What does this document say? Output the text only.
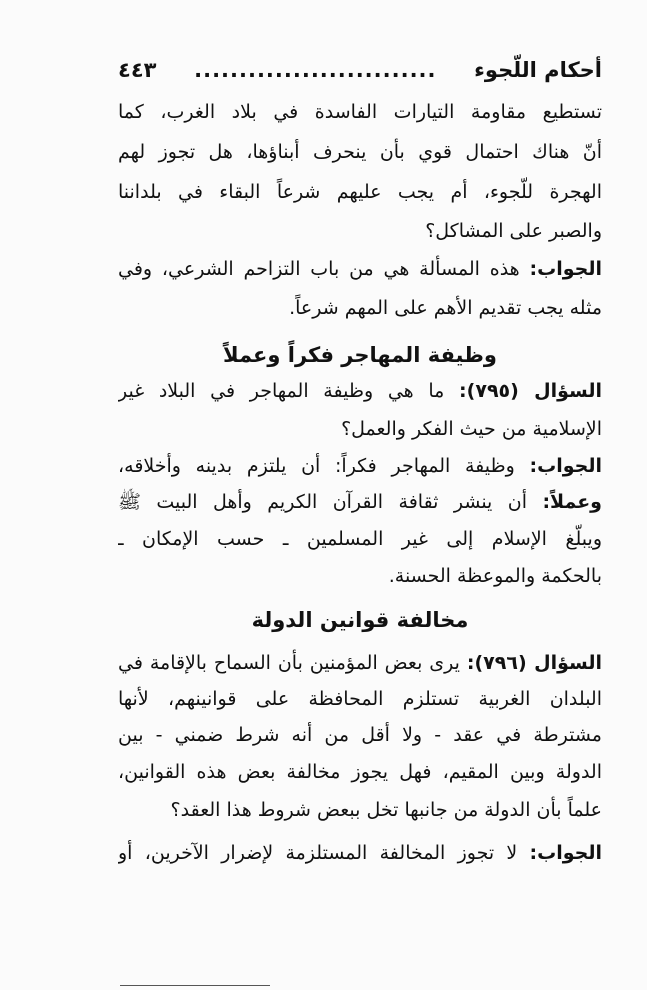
أحكام اللّجوء
...........................
٤٤٣
تستطيع مقاومة التيارات الفاسدة في بلاد الغرب، كما
أنّ هناك احتمال قوي بأن ينحرف أبناؤها، هل تجوز لهم
الهجرة للّجوء، أم يجب عليهم شرعاً البقاء في بلداننا
والصبر على المشاكل؟
الجواب: هذه المسألة هي من باب التزاحم الشرعي، وفي
مثله يجب تقديم الأهم على المهم شرعاً.
وظيفة المهاجر فكراً وعملاً
السؤال (٧٩٥): ما هي وظيفة المهاجر في البلاد غير
الإسلامية من حيث الفكر والعمل؟
الجواب: وظيفة المهاجر فكراً: أن يلتزم بدينه وأخلاقه،
وعملاً: أن ينشر ثقافة القرآن الكريم وأهل البيت ﷺ
ويبلّغ الإسلام إلى غير المسلمين ـ حسب الإمكان ـ
بالحكمة والموعظة الحسنة.
مخالفة قوانين الدولة
السؤال (٧٩٦): يرى بعض المؤمنين بأن السماح بالإقامة في
البلدان الغربية تستلزم المحافظة على قوانينهم، لأنها
مشترطة في عقد - ولا أقل من أنه شرط ضمني - بين
الدولة وبين المقيم، فهل يجوز مخالفة بعض هذه القوانين،
علماً بأن الدولة من جانبها تخل ببعض شروط هذا العقد؟
الجواب: لا تجوز المخالفة المستلزمة لإضرار الآخرين، أو
